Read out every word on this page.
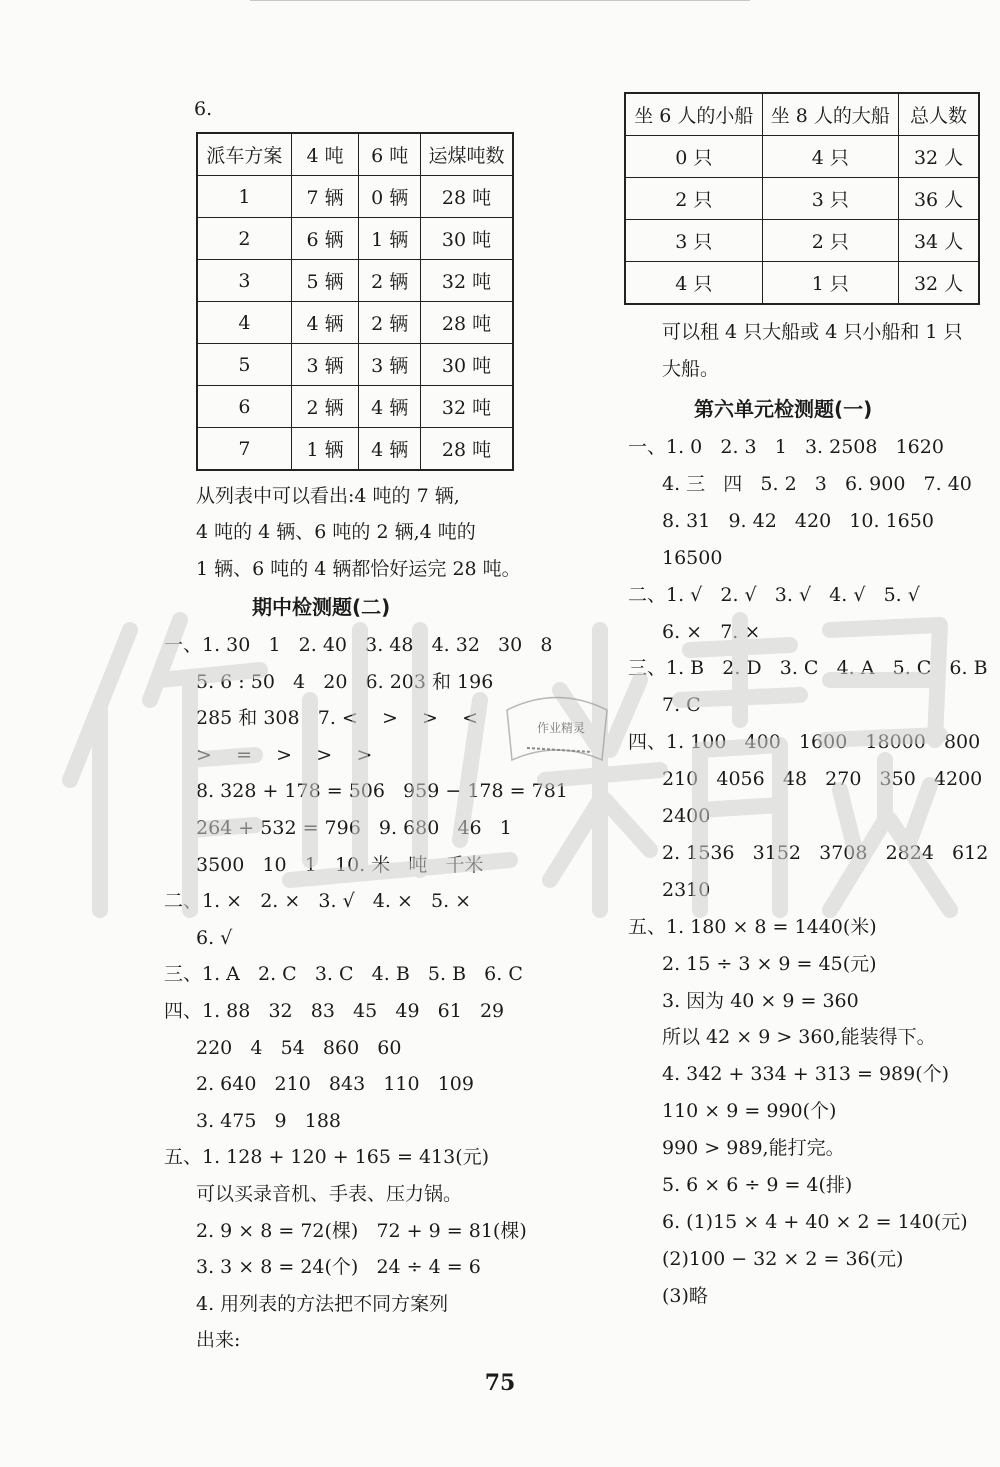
6.
派车方案	4 吨	6 吨	运煤吨数
1	7 辆	0 辆	28 吨
2	6 辆	1 辆	30 吨
3	5 辆	2 辆	32 吨
4	4 辆	2 辆	28 吨
5	3 辆	3 辆	30 吨
6	2 辆	4 辆	32 吨
7	1 辆	4 辆	28 吨
从列表中可以看出:4 吨的 7 辆,
4 吨的 4 辆、6 吨的 2 辆,4 吨的
1 辆、6 吨的 4 辆都恰好运完 28 吨。
期中检测题(二)
一、1. 30   1   2. 40   3. 48   4. 32   30   8
5. 6 : 50   4   20   6. 203 和 196
285 和 308   7. <    >    >    <
>    =    >    >    >
8. 328 + 178 = 506   959 − 178 = 781
264 + 532 = 796   9. 680   46   1
3500   10   1   10. 米   吨   千米
二、1. ×   2. ×   3. √   4. ×   5. ×
6. √
三、1. A   2. C   3. C   4. B   5. B   6. C
四、1. 88   32   83   45   49   61   29
220   4   54   860   60
2. 640   210   843   110   109
3. 475   9   188
五、1. 128 + 120 + 165 = 413(元)
可以买录音机、手表、压力锅。
2. 9 × 8 = 72(棵)   72 + 9 = 81(棵)
3. 3 × 8 = 24(个)   24 ÷ 4 = 6
4. 用列表的方法把不同方案列
出来:
坐 6 人的小船	坐 8 人的大船	总人数
0 只	4 只	32 人
2 只	3 只	36 人
3 只	2 只	34 人
4 只	1 只	32 人
可以租 4 只大船或 4 只小船和 1 只
大船。
第六单元检测题(一)
一、1. 0   2. 3   1   3. 2508   1620
4. 三   四   5. 2   3   6. 900   7. 40
8. 31   9. 42   420   10. 1650
16500
二、1. √   2. √   3. √   4. √   5. √
6. ×   7. ×
三、1. B   2. D   3. C   4. A   5. C   6. B
7. C
四、1. 100   400   1600   18000   800
210   4056   48   270   350   4200
2400
2. 1536   3152   3708   2824   612
2310
五、1. 180 × 8 = 1440(米)
2. 15 ÷ 3 × 9 = 45(元)
3. 因为 40 × 9 = 360
所以 42 × 9 > 360,能装得下。
4. 342 + 334 + 313 = 989(个)
110 × 9 = 990(个)
990 > 989,能打完。
5. 6 × 6 ÷ 9 = 4(排)
6. (1)15 × 4 + 40 × 2 = 140(元)
(2)100 − 32 × 2 = 36(元)
(3)略
作业精灵
75
